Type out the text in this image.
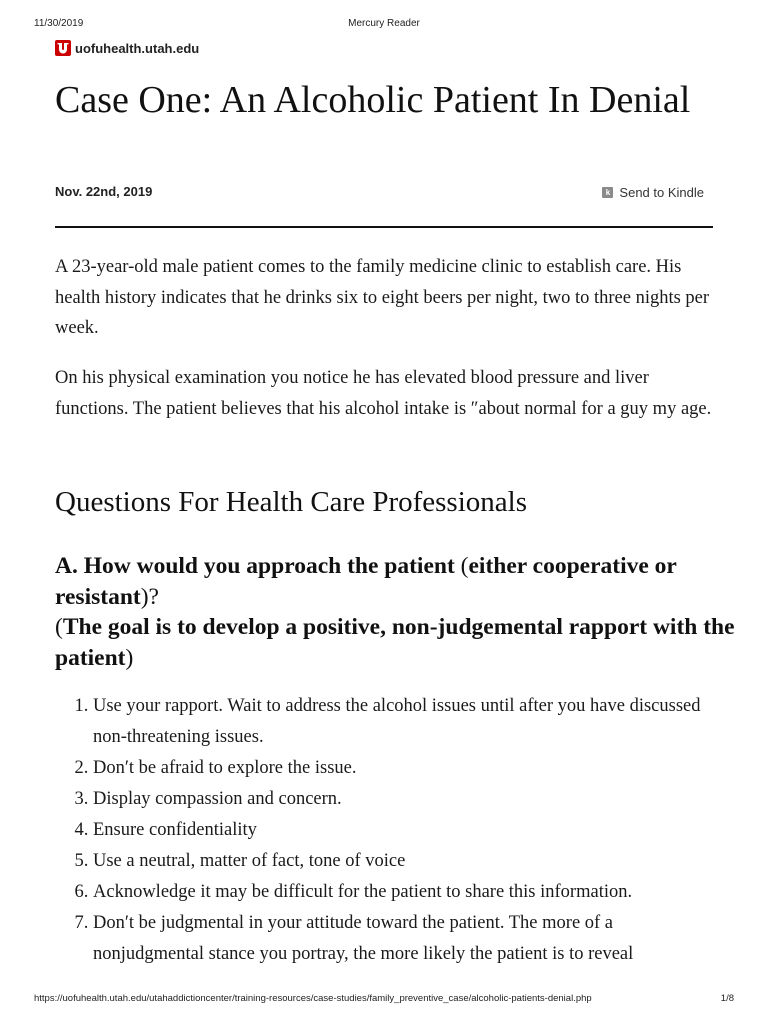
11/30/2019	Mercury Reader
uofuhealth.utah.edu
Case One: An Alcoholic Patient In Denial
Nov. 22nd, 2019	k Send to Kindle

A 23-year-old male patient comes to the family medicine clinic to establish care. His health history indicates that he drinks six to eight beers per night, two to three nights per week.

On his physical examination you notice he has elevated blood pressure and liver functions. The patient believes that his alcohol intake is ″about normal for a guy my age.

Questions For Health Care Professionals
A. How would you approach the patient (either cooperative or resistant)?
(The goal is to develop a positive, non-judgemental rapport with the patient)
1. Use your rapport. Wait to address the alcohol issues until after you have discussed non-threatening issues.
2. Don′t be afraid to explore the issue.
3. Display compassion and concern.
4. Ensure confidentiality
5. Use a neutral, matter of fact, tone of voice
6. Acknowledge it may be difficult for the patient to share this information.
7. Don′t be judgmental in your attitude toward the patient. The more of a nonjudgmental stance you portray, the more likely the patient is to reveal
https://uofuhealth.utah.edu/utahaddictioncenter/training-resources/case-studies/family_preventive_case/alcoholic-patients-denial.php	1/8
